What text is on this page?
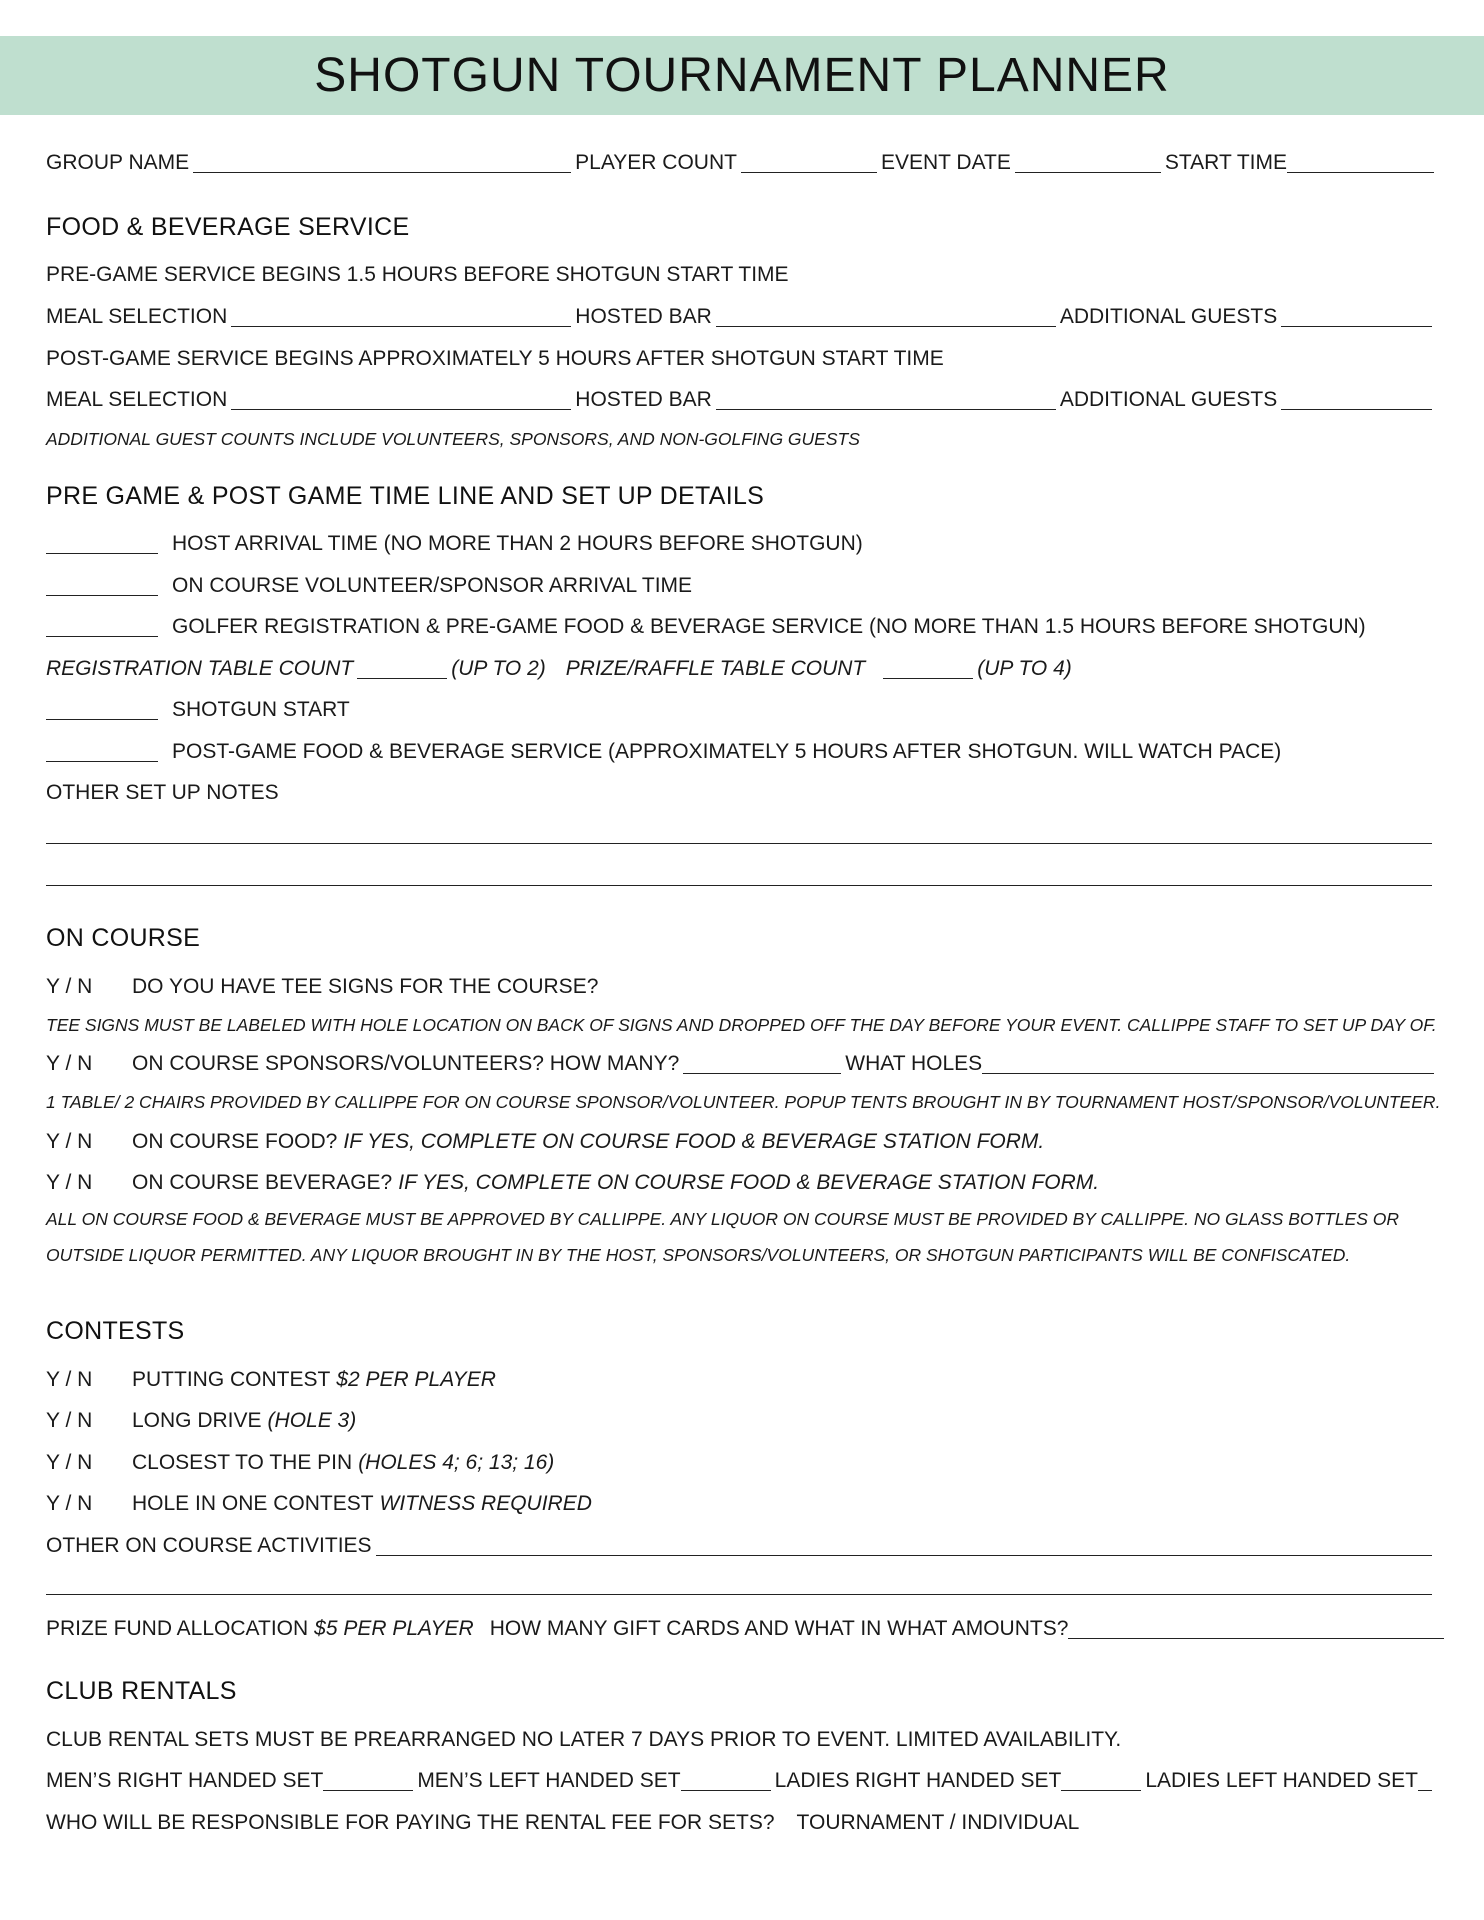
SHOTGUN TOURNAMENT PLANNER
GROUP NAME	PLAYER COUNT	EVENT DATE	START TIME
FOOD & BEVERAGE SERVICE
PRE-GAME SERVICE BEGINS 1.5 HOURS BEFORE SHOTGUN START TIME
MEAL SELECTION	HOSTED BAR	ADDITIONAL GUESTS
POST-GAME SERVICE BEGINS APPROXIMATELY 5 HOURS AFTER SHOTGUN START TIME
MEAL SELECTION	HOSTED BAR	ADDITIONAL GUESTS
ADDITIONAL GUEST COUNTS INCLUDE VOLUNTEERS, SPONSORS, AND NON-GOLFING GUESTS
PRE GAME & POST GAME TIME LINE AND SET UP DETAILS
HOST ARRIVAL TIME (NO MORE THAN 2 HOURS BEFORE SHOTGUN)
ON COURSE VOLUNTEER/SPONSOR ARRIVAL TIME
GOLFER REGISTRATION & PRE-GAME FOOD & BEVERAGE SERVICE (NO MORE THAN 1.5 HOURS BEFORE SHOTGUN)
REGISTRATION TABLE COUNT	(UP TO 2) PRIZE/RAFFLE TABLE COUNT	(UP TO 4)
SHOTGUN START
POST-GAME FOOD & BEVERAGE SERVICE (APPROXIMATELY 5 HOURS AFTER SHOTGUN. WILL WATCH PACE)
OTHER SET UP NOTES
ON COURSE
Y / N	DO YOU HAVE TEE SIGNS FOR THE COURSE?
TEE SIGNS MUST BE LABELED WITH HOLE LOCATION ON BACK OF SIGNS AND DROPPED OFF THE DAY BEFORE YOUR EVENT. CALLIPPE STAFF TO SET UP DAY OF.
Y / N	ON COURSE SPONSORS/VOLUNTEERS? HOW MANY?	WHAT HOLES
1 TABLE/ 2 CHAIRS PROVIDED BY CALLIPPE FOR ON COURSE SPONSOR/VOLUNTEER. POPUP TENTS BROUGHT IN BY TOURNAMENT HOST/SPONSOR/VOLUNTEER.
Y / N	ON COURSE FOOD? IF YES, COMPLETE ON COURSE FOOD & BEVERAGE STATION FORM.
Y / N	ON COURSE BEVERAGE? IF YES, COMPLETE ON COURSE FOOD & BEVERAGE STATION FORM.
ALL ON COURSE FOOD & BEVERAGE MUST BE APPROVED BY CALLIPPE. ANY LIQUOR ON COURSE MUST BE PROVIDED BY CALLIPPE. NO GLASS BOTTLES OR
OUTSIDE LIQUOR PERMITTED. ANY LIQUOR BROUGHT IN BY THE HOST, SPONSORS/VOLUNTEERS, OR SHOTGUN PARTICIPANTS WILL BE CONFISCATED.
CONTESTS
Y / N	PUTTING CONTEST $2 PER PLAYER
Y / N	LONG DRIVE (HOLE 3)
Y / N	CLOSEST TO THE PIN (HOLES 4; 6; 13; 16)
Y / N	HOLE IN ONE CONTEST WITNESS REQUIRED
OTHER ON COURSE ACTIVITIES
PRIZE FUND ALLOCATION $5 PER PLAYER HOW MANY GIFT CARDS AND WHAT IN WHAT AMOUNTS?
CLUB RENTALS
CLUB RENTAL SETS MUST BE PREARRANGED NO LATER 7 DAYS PRIOR TO EVENT. LIMITED AVAILABILITY.
MEN’S RIGHT HANDED SET	MEN’S LEFT HANDED SET	LADIES RIGHT HANDED SET	LADIES LEFT HANDED SET
WHO WILL BE RESPONSIBLE FOR PAYING THE RENTAL FEE FOR SETS? TOURNAMENT / INDIVIDUAL
